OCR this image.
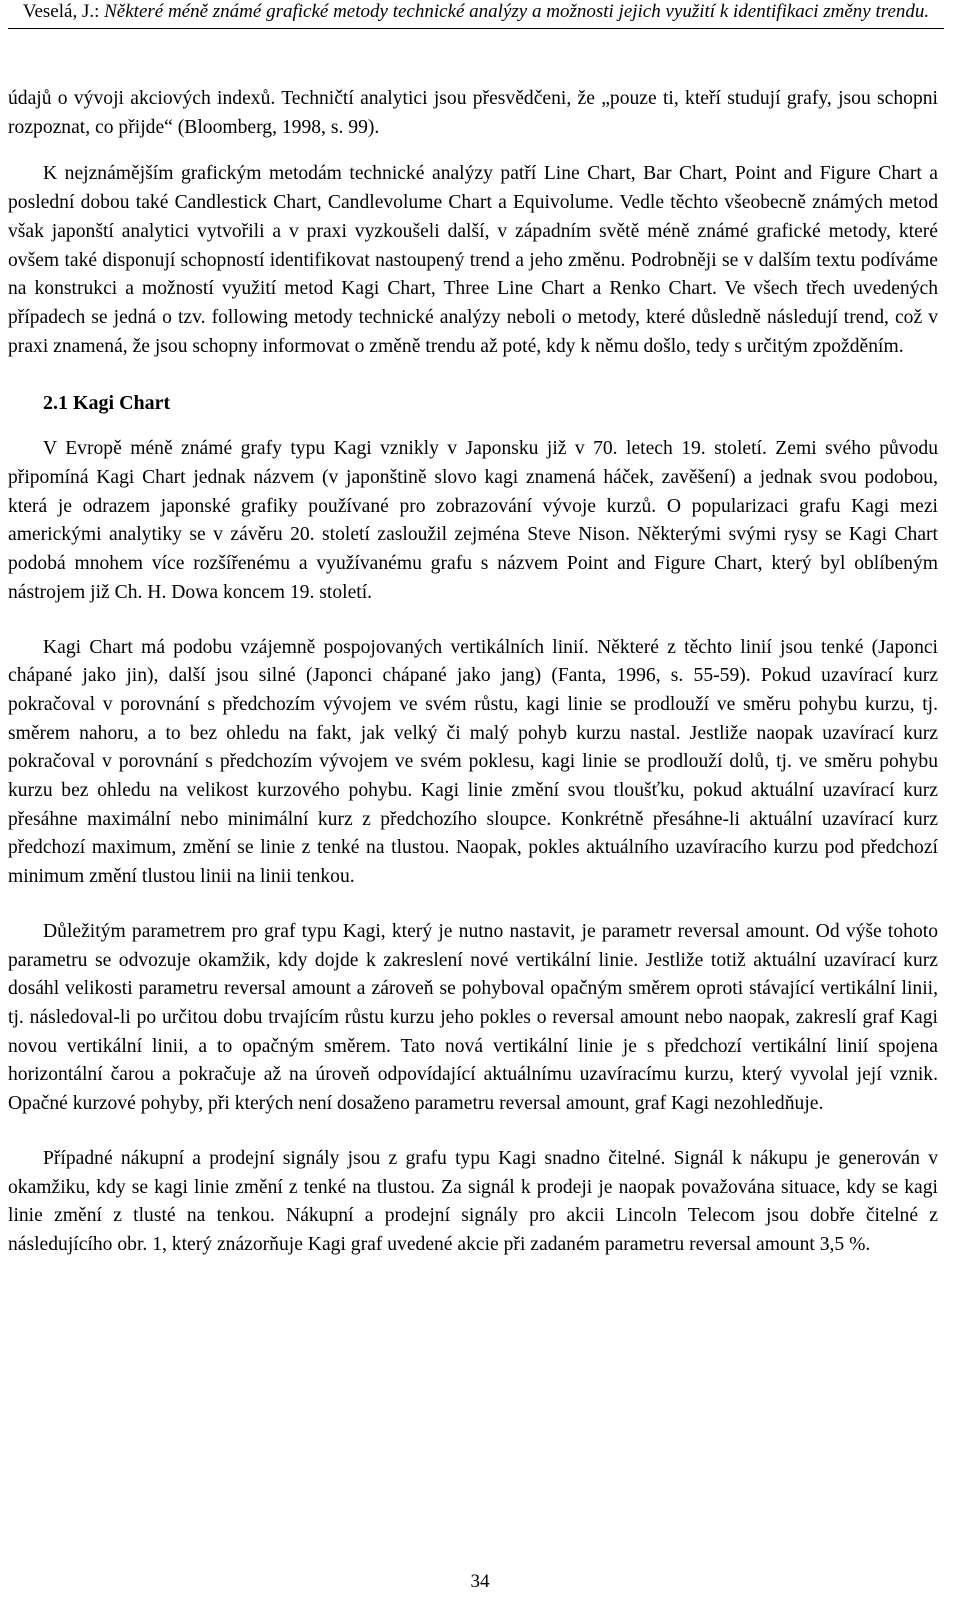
Veselá, J.: Některé méně známé grafické metody technické analýzy a možnosti jejich využití k identifikaci změny trendu.

údajů o vývoji akciových indexů. Techničtí analytici jsou přesvědčeni, že „pouze ti, kteří studují grafy, jsou schopni rozpoznat, co přijde“ (Bloomberg, 1998, s. 99).

K nejznámějším grafickým metodám technické analýzy patří Line Chart, Bar Chart, Point and Figure Chart a poslední dobou také Candlestick Chart, Candlevolume Chart a Equivolume. Vedle těchto všeobecně známých metod však japonští analytici vytvořili a v praxi vyzkoušeli další, v západním světě méně známé grafické metody, které ovšem také disponují schopností identifikovat nastoupený trend a jeho změnu. Podrobněji se v dalším textu podíváme na konstrukci a možností využití metod Kagi Chart, Three Line Chart a Renko Chart. Ve všech třech uvedených případech se jedná o tzv. following metody technické analýzy neboli o metody, které důsledně následují trend, což v praxi znamená, že jsou schopny informovat o změně trendu až poté, kdy k němu došlo, tedy s určitým zpožděním.

2.1 Kagi Chart

V Evropě méně známé grafy typu Kagi vznikly v Japonsku již v 70. letech 19. století. Zemi svého původu připomíná Kagi Chart jednak názvem (v japonštině slovo kagi znamená háček, zavěšení) a jednak svou podobou, která je odrazem japonské grafiky používané pro zobrazování vývoje kurzů. O popularizaci grafu Kagi mezi americkými analytiky se v závěru 20. století zasloužil zejména Steve Nison. Některými svými rysy se Kagi Chart podobá mnohem více rozšířenému a využívanému grafu s názvem Point and Figure Chart, který byl oblíbeným nástrojem již Ch. H. Dowa koncem 19. století.

Kagi Chart má podobu vzájemně pospojovaných vertikálních linií. Některé z těchto linií jsou tenké (Japonci chápané jako jin), další jsou silné (Japonci chápané jako jang) (Fanta, 1996, s. 55-59). Pokud uzavírací kurz pokračoval v porovnání s předchozím vývojem ve svém růstu, kagi linie se prodlouží ve směru pohybu kurzu, tj. směrem nahoru, a to bez ohledu na fakt, jak velký či malý pohyb kurzu nastal. Jestliže naopak uzavírací kurz pokračoval v porovnání s předchozím vývojem ve svém poklesu, kagi linie se prodlouží dolů, tj. ve směru pohybu kurzu bez ohledu na velikost kurzového pohybu. Kagi linie změní svou tloušťku, pokud aktuální uzavírací kurz přesáhne maximální nebo minimální kurz z předchozího sloupce. Konkrétně přesáhne-li aktuální uzavírací kurz předchozí maximum, změní se linie z tenké na tlustou. Naopak, pokles aktuálního uzavíracího kurzu pod předchozí minimum změní tlustou linii na linii tenkou.

Důležitým parametrem pro graf typu Kagi, který je nutno nastavit, je parametr reversal amount. Od výše tohoto parametru se odvozuje okamžik, kdy dojde k zakreslení nové vertikální linie. Jestliže totiž aktuální uzavírací kurz dosáhl velikosti parametru reversal amount a zároveň se pohyboval opačným směrem oproti stávající vertikální linii, tj. následoval-li po určitou dobu trvajícím růstu kurzu jeho pokles o reversal amount nebo naopak, zakreslí graf Kagi novou vertikální linii, a to opačným směrem. Tato nová vertikální linie je s předchozí vertikální linií spojena horizontální čarou a pokračuje až na úroveň odpovídající aktuálnímu uzavíracímu kurzu, který vyvolal její vznik. Opačné kurzové pohyby, při kterých není dosaženo parametru reversal amount, graf Kagi nezohledňuje.

Případné nákupní a prodejní signály jsou z grafu typu Kagi snadno čitelné. Signál k nákupu je generován v okamžiku, kdy se kagi linie změní z tenké na tlustou. Za signál k prodeji je naopak považována situace, kdy se kagi linie změní z tlusté na tenkou. Nákupní a prodejní signály pro akcii Lincoln Telecom jsou dobře čitelné z následujícího obr. 1, který znázorňuje Kagi graf uvedené akcie při zadaném parametru reversal amount 3,5 %.

34
